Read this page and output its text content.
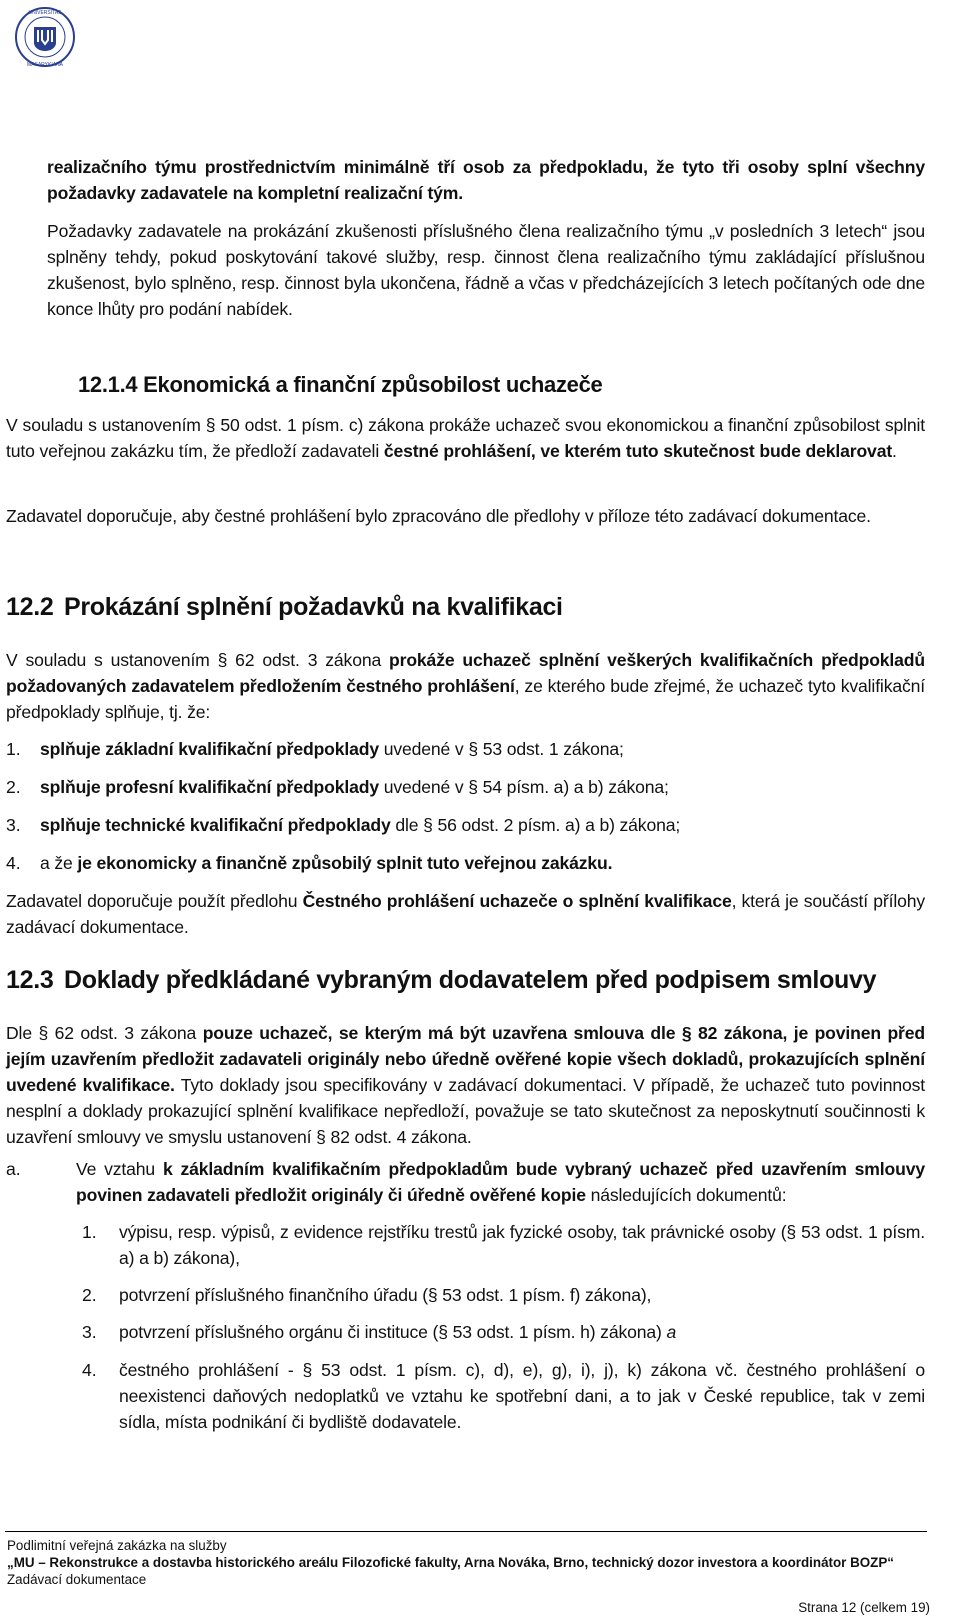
UNIVERSITAS
MASARYKIANA
realizačního týmu prostřednictvím minimálně tří osob za předpokladu, že tyto tři osoby splní všechny požadavky zadavatele na kompletní realizační tým.
Požadavky zadavatele na prokázání zkušenosti příslušného člena realizačního týmu „v posledních 3 letech“ jsou splněny tehdy, pokud poskytování takové služby, resp. činnost člena realizačního týmu zakládající příslušnou zkušenost, bylo splněno, resp. činnost byla ukončena, řádně a včas v předcházejících 3 letech počítaných ode dne konce lhůty pro podání nabídek.
12.1.4 Ekonomická a finanční způsobilost uchazeče
V souladu s ustanovením § 50 odst. 1 písm. c) zákona prokáže uchazeč svou ekonomickou a finanční způsobilost splnit tuto veřejnou zakázku tím, že předloží zadavateli čestné prohlášení, ve kterém tuto skutečnost bude deklarovat.
Zadavatel doporučuje, aby čestné prohlášení bylo zpracováno dle předlohy v příloze této zadávací dokumentace.
12.2 Prokázání splnění požadavků na kvalifikaci
V souladu s ustanovením § 62 odst. 3 zákona prokáže uchazeč splnění veškerých kvalifikačních předpokladů požadovaných zadavatelem předložením čestného prohlášení, ze kterého bude zřejmé, že uchazeč tyto kvalifikační předpoklady splňuje, tj. že:
1. splňuje základní kvalifikační předpoklady uvedené v § 53 odst. 1 zákona;
2. splňuje profesní kvalifikační předpoklady uvedené v § 54 písm. a) a b) zákona;
3. splňuje technické kvalifikační předpoklady dle § 56 odst. 2 písm. a) a b) zákona;
4. a že je ekonomicky a finančně způsobilý splnit tuto veřejnou zakázku.
Zadavatel doporučuje použít předlohu Čestného prohlášení uchazeče o splnění kvalifikace, která je součástí přílohy zadávací dokumentace.
12.3 Doklady předkládané vybraným dodavatelem před podpisem smlouvy
Dle § 62 odst. 3 zákona pouze uchazeč, se kterým má být uzavřena smlouva dle § 82 zákona, je povinen před jejím uzavřením předložit zadavateli originály nebo úředně ověřené kopie všech dokladů, prokazujících splnění uvedené kvalifikace. Tyto doklady jsou specifikovány v zadávací dokumentaci. V případě, že uchazeč tuto povinnost nesplní a doklady prokazující splnění kvalifikace nepředloží, považuje se tato skutečnost za neposkytnutí součinnosti k uzavření smlouvy ve smyslu ustanovení § 82 odst. 4 zákona.
a.	Ve vztahu k základním kvalifikačním předpokladům bude vybraný uchazeč před uzavřením smlouvy povinen zadavateli předložit originály či úředně ověřené kopie následujících dokumentů:
1. výpisu, resp. výpisů, z evidence rejstříku trestů jak fyzické osoby, tak právnické osoby (§ 53 odst. 1 písm. a) a b) zákona),
2. potvrzení příslušného finančního úřadu (§ 53 odst. 1 písm. f) zákona),
3. potvrzení příslušného orgánu či instituce (§ 53 odst. 1 písm. h) zákona) a
4. čestného prohlášení - § 53 odst. 1 písm. c), d), e), g), i), j), k) zákona vč. čestného prohlášení o neexistenci daňových nedoplatků ve vztahu ke spotřební dani, a to jak v České republice, tak v zemi sídla, místa podnikání či bydliště dodavatele.
Podlimitní veřejná zakázka na služby
„MU – Rekonstrukce a dostavba historického areálu Filozofické fakulty, Arna Nováka, Brno, technický dozor investora a koordinátor BOZP“
Zadávací dokumentace
Strana 12 (celkem 19)
